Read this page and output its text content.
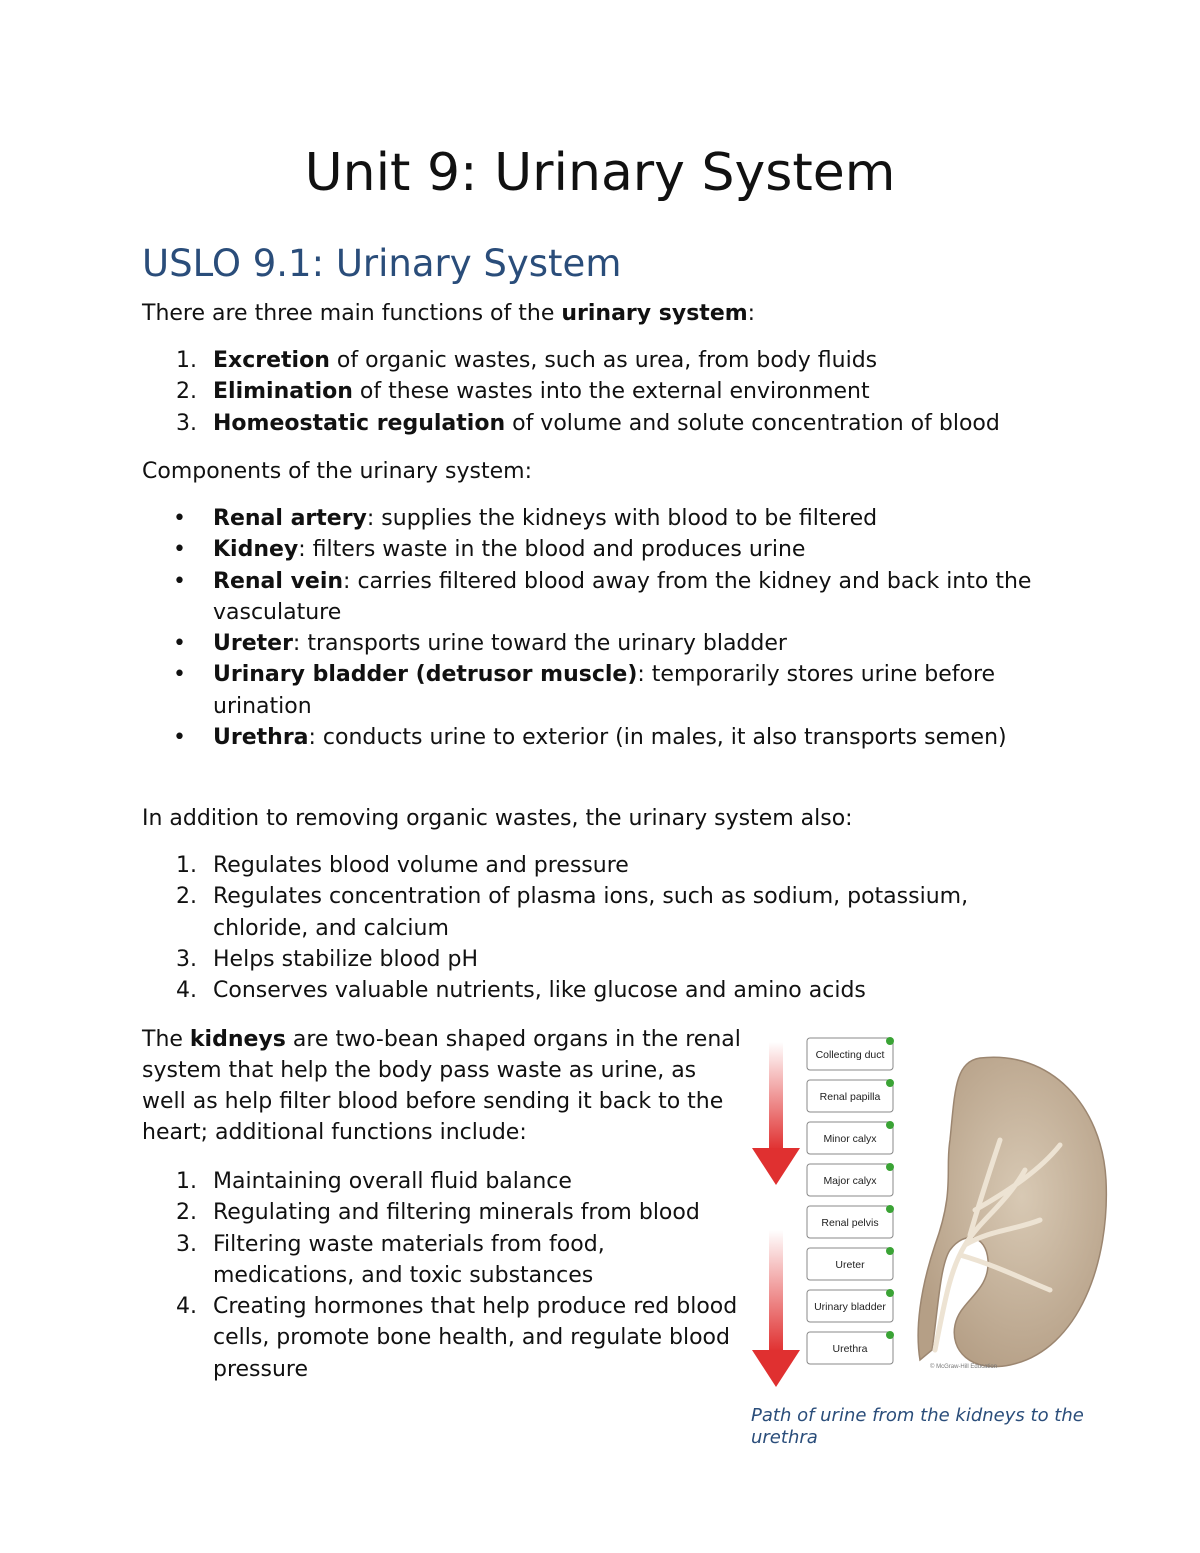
Unit 9: Urinary System
USLO 9.1: Urinary System

There are three main functions of the urinary system:

1. Excretion of organic wastes, such as urea, from body fluids
2. Elimination of these wastes into the external environment
3. Homeostatic regulation of volume and solute concentration of blood

Components of the urinary system:

• Renal artery: supplies the kidneys with blood to be filtered
• Kidney: filters waste in the blood and produces urine
• Renal vein: carries filtered blood away from the kidney and back into the vasculature
• Ureter: transports urine toward the urinary bladder
• Urinary bladder (detrusor muscle): temporarily stores urine before urination
• Urethra: conducts urine to exterior (in males, it also transports semen)

In addition to removing organic wastes, the urinary system also:

1. Regulates blood volume and pressure
2. Regulates concentration of plasma ions, such as sodium, potassium, chloride, and calcium
3. Helps stabilize blood pH
4. Conserves valuable nutrients, like glucose and amino acids

The kidneys are two-bean shaped organs in the renal system that help the body pass waste as urine, as well as help filter blood before sending it back to the heart; additional functions include:

1. Maintaining overall fluid balance
2. Regulating and filtering minerals from blood
3. Filtering waste materials from food, medications, and toxic substances
4. Creating hormones that help produce red blood cells, promote bone health, and regulate blood pressure
Collecting duct
Renal papilla
Minor calyx
Major calyx
Renal pelvis
Ureter
Urinary bladder
Urethra
© McGraw-Hill Education
Path of urine from the kidneys to the urethra
